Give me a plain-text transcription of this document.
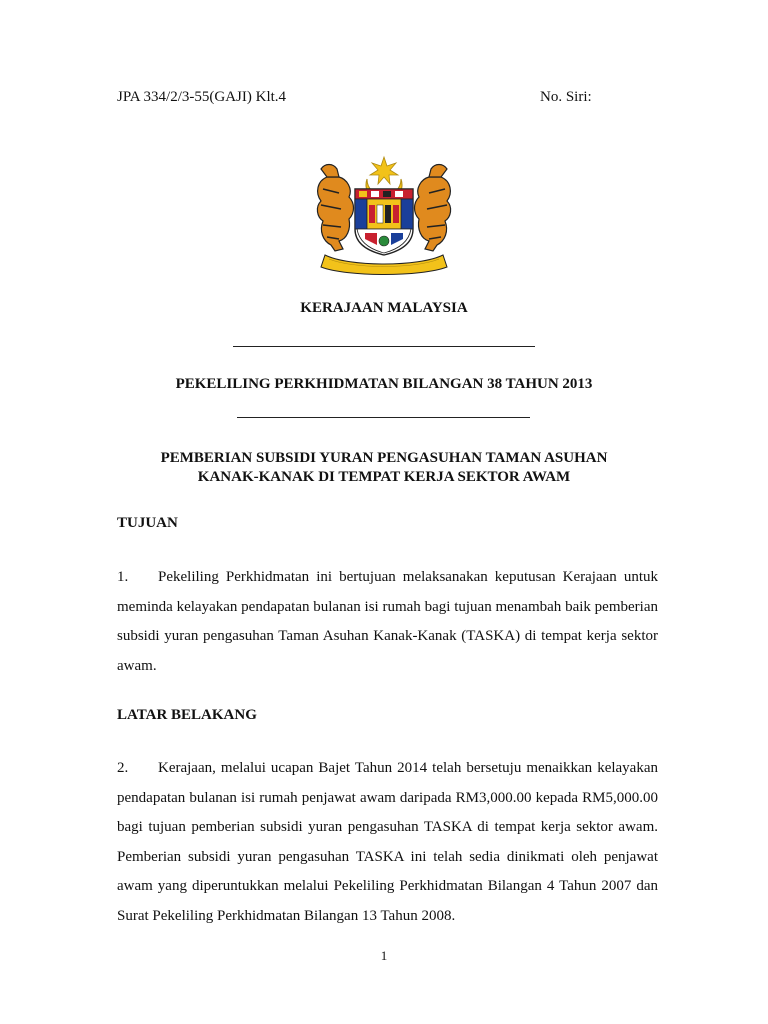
JPA 334/2/3-55(GAJI) Klt.4	No. Siri:
KERAJAAN MALAYSIA
PEKELILING PERKHIDMATAN BILANGAN 38 TAHUN 2013
PEMBERIAN SUBSIDI YURAN PENGASUHAN TAMAN ASUHAN
KANAK-KANAK DI TEMPAT KERJA SEKTOR AWAM
TUJUAN
1. Pekeliling Perkhidmatan ini bertujuan melaksanakan keputusan Kerajaan untuk meminda kelayakan pendapatan bulanan isi rumah bagi tujuan menambah baik pemberian subsidi yuran pengasuhan Taman Asuhan Kanak-Kanak (TASKA) di tempat kerja sektor awam.
LATAR BELAKANG
2. Kerajaan, melalui ucapan Bajet Tahun 2014 telah bersetuju menaikkan kelayakan pendapatan bulanan isi rumah penjawat awam daripada RM3,000.00 kepada RM5,000.00 bagi tujuan pemberian subsidi yuran pengasuhan TASKA di tempat kerja sektor awam. Pemberian subsidi yuran pengasuhan TASKA ini telah sedia dinikmati oleh penjawat awam yang diperuntukkan melalui Pekeliling Perkhidmatan Bilangan 4 Tahun 2007 dan Surat Pekeliling Perkhidmatan Bilangan 13 Tahun 2008.
1
